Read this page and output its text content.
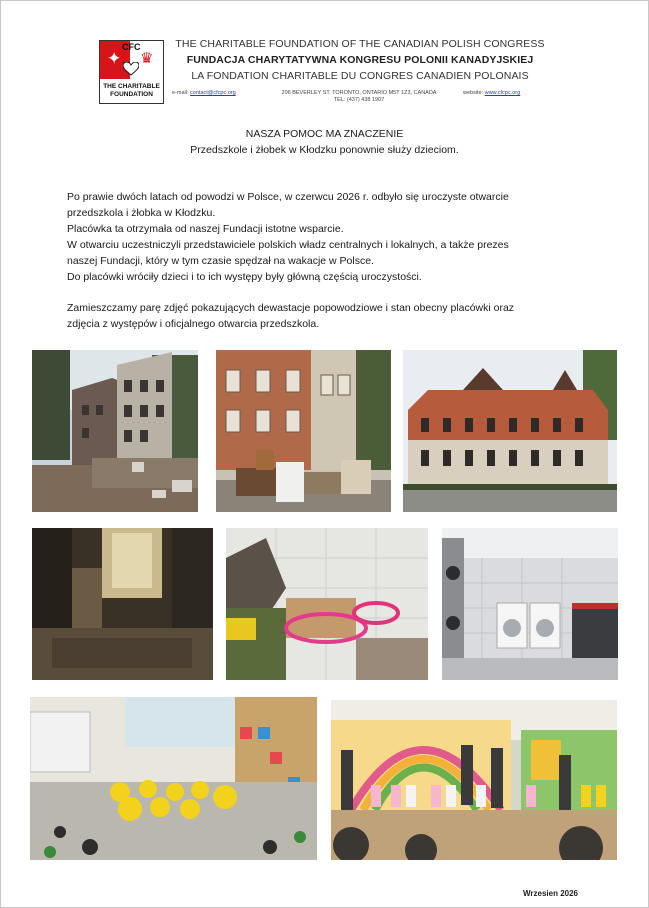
✦ ♛
CFC
THE CHARITABLE
FOUNDATION
THE CHARITABLE FOUNDATION OF THE CANADIAN POLISH CONGRESS
FUNDACJA CHARYTATYWNA KONGRESU POLONII KANADYJSKIEJ
LA FONDATION CHARITABLE DU CONGRES CANADIEN POLONAIS
e-mail: contact@cfcpc.org	206 BEVERLEY ST. TORONTO, ONTARIO M5T 1Z3, CANADA
TEL: (437) 438 1907
website: www.cfcpc.org
NASZA POMOC MA ZNACZENIE
Przedszkole i żłobek w Kłodzku ponownie służy dzieciom.

Po prawie dwóch latach od powodzi w Polsce, w czerwcu 2026 r. odbyło się uroczyste otwarcie

przedszkola i żłobka w Kłodzku.

Placówka ta otrzymała od naszej Fundacji istotne wsparcie.

W otwarciu uczestniczyli przedstawiciele polskich władz centralnych i lokalnych, a także prezes

naszej Fundacji, który w tym czasie spędzał na wakacje w Polsce.

Do placówki wróciły dzieci i to ich występy były główną częścią uroczystości.

Zamieszczamy parę zdjęć pokazujących dewastacje popowodziowe i stan obecny placówki oraz

zdjęcia z występów i oficjalnego otwarcia przedszkola.

Wrzesien 2026
